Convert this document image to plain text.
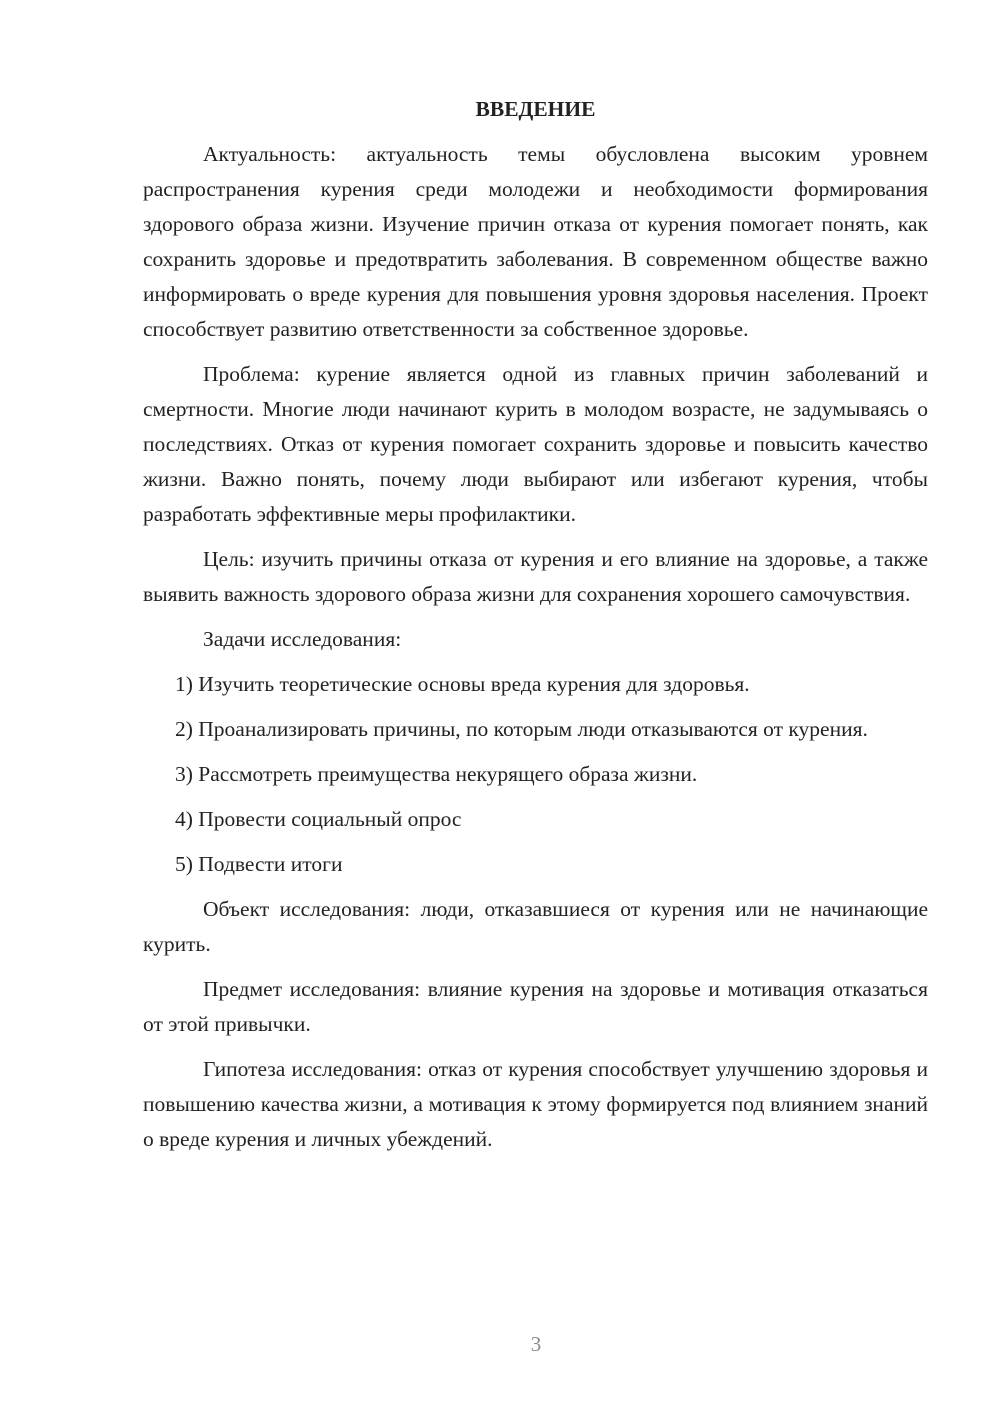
ВВЕДЕНИЕ

Актуальность: актуальность темы обусловлена высоким уровнем распространения курения среди молодежи и необходимости формирования здорового образа жизни. Изучение причин отказа от курения помогает понять, как сохранить здоровье и предотвратить заболевания. В современном обществе важно информировать о вреде курения для повышения уровня здоровья населения. Проект способствует развитию ответственности за собственное здоровье.

Проблема: курение является одной из главных причин заболеваний и смертности. Многие люди начинают курить в молодом возрасте, не задумываясь о последствиях. Отказ от курения помогает сохранить здоровье и повысить качество жизни. Важно понять, почему люди выбирают или избегают курения, чтобы разработать эффективные меры профилактики.

Цель: изучить причины отказа от курения и его влияние на здоровье, а также выявить важность здорового образа жизни для сохранения хорошего самочувствия.

Задачи исследования:

1) Изучить теоретические основы вреда курения для здоровья.

2) Проанализировать причины, по которым люди отказываются от курения.

3) Рассмотреть преимущества некурящего образа жизни.

4) Провести социальный опрос

5) Подвести итоги

Объект исследования: люди, отказавшиеся от курения или не начинающие курить.

Предмет исследования: влияние курения на здоровье и мотивация отказаться от этой привычки.

Гипотеза исследования: отказ от курения способствует улучшению здоровья и повышению качества жизни, а мотивация к этому формируется под влиянием знаний о вреде курения и личных убеждений.

3
